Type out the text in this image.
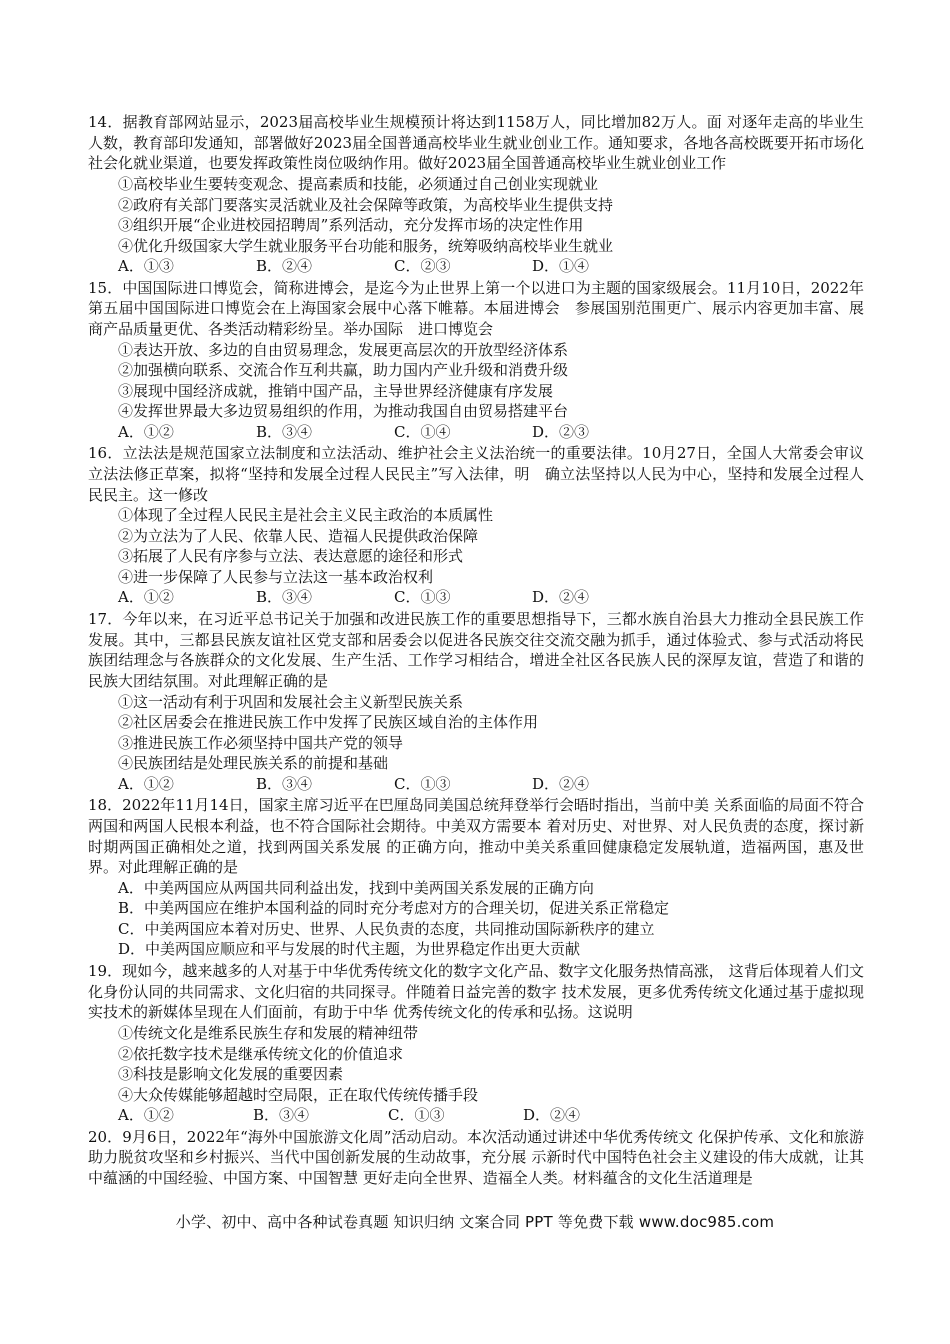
14．据教育部网站显示，2023届高校毕业生规模预计将达到1158万人，同比增加82万人。面 对逐年走高的毕业生人数，教育部印发通知，部署做好2023届全国普通高校毕业生就业创业工作。通知要求，各地各高校既要开拓市场化社会化就业渠道，也要发挥政策性岗位吸纳作用。做好2023届全国普通高校毕业生就业创业工作
①高校毕业生要转变观念、提高素质和技能，必须通过自己创业实现就业
②政府有关部门要落实灵活就业及社会保障等政策，为高校毕业生提供支持
③组织开展“企业进校园招聘周”系列活动，充分发挥市场的决定性作用
④优化升级国家大学生就业服务平台功能和服务，统筹吸纳高校毕业生就业
A．①③	B．②④	C．②③	D．①④
15．中国国际进口博览会，简称进博会，是迄今为止世界上第一个以进口为主题的国家级展会。11月10日，2022年第五届中国国际进口博览会在上海国家会展中心落下帷幕。本届进博会　参展国别范围更广、展示内容更加丰富、展商产品质量更优、各类活动精彩纷呈。举办国际　进口博览会
①表达开放、多边的自由贸易理念，发展更高层次的开放型经济体系
②加强横向联系、交流合作互利共赢，助力国内产业升级和消费升级
③展现中国经济成就，推销中国产品，主导世界经济健康有序发展
④发挥世界最大多边贸易组织的作用，为推动我国自由贸易搭建平台
A．①②	B．③④	C．①④	D．②③
16．立法法是规范国家立法制度和立法活动、维护社会主义法治统一的重要法律。10月27日，全国人大常委会审议立法法修正草案，拟将“坚持和发展全过程人民民主”写入法律，明　确立法坚持以人民为中心，坚持和发展全过程人民民主。这一修改
①体现了全过程人民民主是社会主义民主政治的本质属性
②为立法为了人民、依靠人民、造福人民提供政治保障
③拓展了人民有序参与立法、表达意愿的途径和形式
④进一步保障了人民参与立法这一基本政治权利
A．①②	B．③④	C．①③	D．②④
17．今年以来，在习近平总书记关于加强和改进民族工作的重要思想指导下，三都水族自治县大力推动全县民族工作发展。其中，三都县民族友谊社区党支部和居委会以促进各民族交往交流交融为抓手，通过体验式、参与式活动将民族团结理念与各族群众的文化发展、生产生活、工作学习相结合，增进全社区各民族人民的深厚友谊，营造了和谐的民族大团结氛围。对此理解正确的是
①这一活动有利于巩固和发展社会主义新型民族关系
②社区居委会在推进民族工作中发挥了民族区域自治的主体作用
③推进民族工作必须坚持中国共产党的领导
④民族团结是处理民族关系的前提和基础
A．①②	B．③④	C．①③	D．②④
18．2022年11月14日，国家主席习近平在巴厘岛同美国总统拜登举行会晤时指出，当前中美 关系面临的局面不符合两国和两国人民根本利益，也不符合国际社会期待。中美双方需要本 着对历史、对世界、对人民负责的态度，探讨新时期两国正确相处之道，找到两国关系发展 的正确方向，推动中美关系重回健康稳定发展轨道，造福两国，惠及世界。对此理解正确的是
A．中美两国应从两国共同利益出发，找到中美两国关系发展的正确方向
B．中美两国应在维护本国利益的同时充分考虑对方的合理关切，促进关系正常稳定
C．中美两国应本着对历史、世界、人民负责的态度，共同推动国际新秩序的建立
D．中美两国应顺应和平与发展的时代主题，为世界稳定作出更大贡献
19．现如今，越来越多的人对基于中华优秀传统文化的数字文化产品、数字文化服务热情高涨， 这背后体现着人们文化身份认同的共同需求、文化归宿的共同探寻。伴随着日益完善的数字 技术发展，更多优秀传统文化通过基于虚拟现实技术的新媒体呈现在人们面前，有助于中华 优秀传统文化的传承和弘扬。这说明
①传统文化是维系民族生存和发展的精神纽带
②依托数字技术是继承传统文化的价值追求
③科技是影响文化发展的重要因素
④大众传媒能够超越时空局限，正在取代传统传播手段
A．①②	B．③④	C．①③	D．②④
20．9月6日，2022年“海外中国旅游文化周”活动启动。本次活动通过讲述中华优秀传统文 化保护传承、文化和旅游助力脱贫攻坚和乡村振兴、当代中国创新发展的生动故事，充分展 示新时代中国特色社会主义建设的伟大成就，让其中蕴涵的中国经验、中国方案、中国智慧 更好走向全世界、造福全人类。材料蕴含的文化生活道理是
小学、初中、高中各种试卷真题 知识归纳 文案合同 PPT 等免费下载 www.doc985.com
